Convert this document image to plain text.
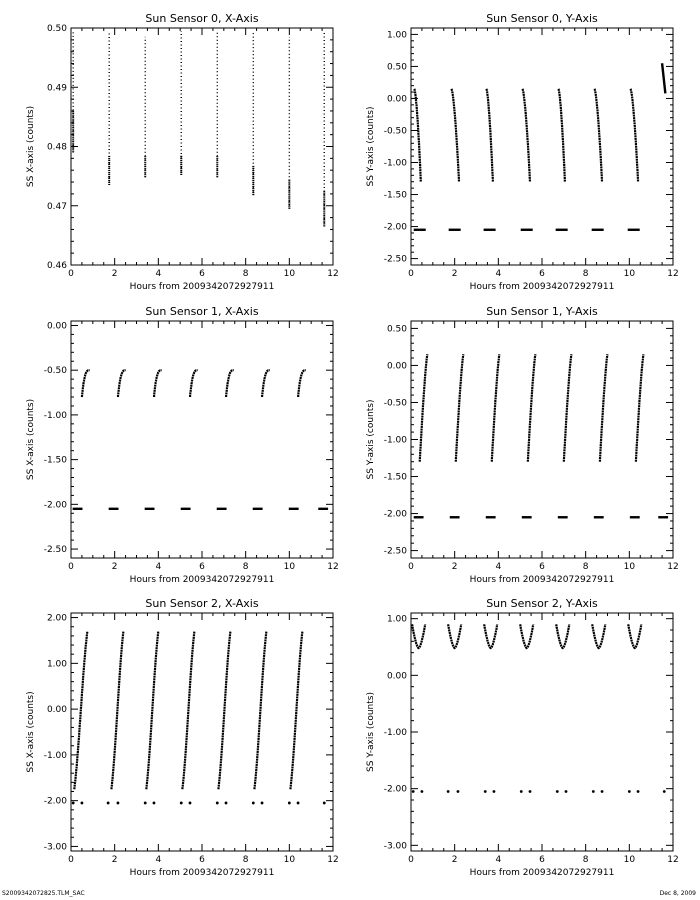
Sun Sensor 0, X-Axis
0	2	4	6	8	10	12
0.46
0.47
0.48
0.49
0.50
Hours from 2009342072927911
SS X-axis (counts)
Sun Sensor 0, Y-Axis
0	2	4	6	8	10	12
-2.50
-2.00
-1.50
-1.00
-0.50
0.00
0.50
1.00
Hours from 2009342072927911
SS Y-axis (counts)
Sun Sensor 1, X-Axis
0	2	4	6	8	10	12
-2.50
-2.00
-1.50
-1.00
-0.50
0.00
Hours from 2009342072927911
SS X-axis (counts)
Sun Sensor 1, Y-Axis
0	2	4	6	8	10	12
-2.50
-2.00
-1.50
-1.00
-0.50
0.00
0.50
Hours from 2009342072927911
SS Y-axis (counts)
Sun Sensor 2, X-Axis
0	2	4	6	8	10	12
-3.00
-2.00
-1.00
0.00
1.00
2.00
Hours from 2009342072927911
SS X-axis (counts)
Sun Sensor 2, Y-Axis
0	2	4	6	8	10	12
-3.00
-2.00
-1.00
0.00
1.00
Hours from 2009342072927911
SS Y-axis (counts)
S2009342072825.TLM_SAC	Dec 8, 2009
